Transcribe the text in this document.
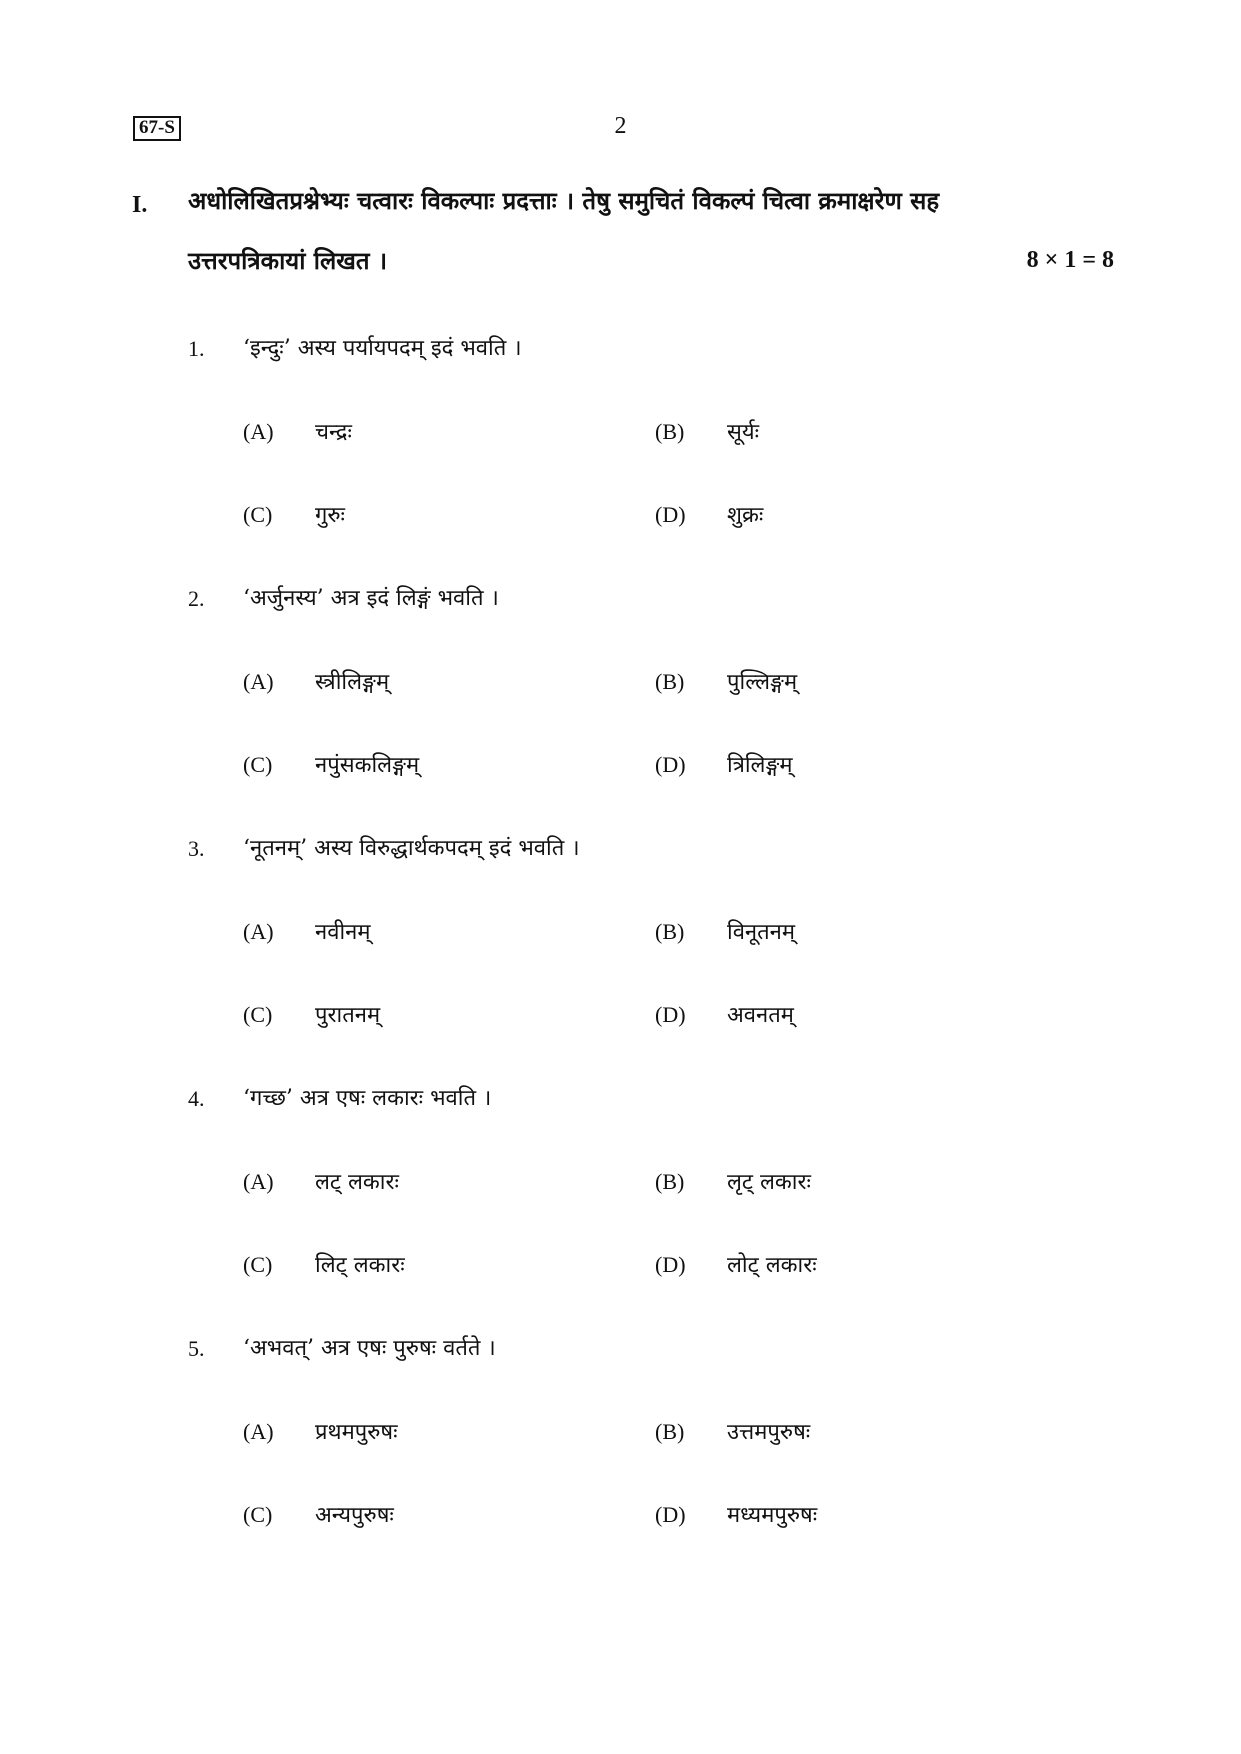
67-S	2
I. अधोलिखितप्रश्नेभ्यः चत्वारः विकल्पाः प्रदत्ताः । तेषु समुचितं विकल्पं चित्वा क्रमाक्षरेण सह
उत्तरपत्रिकायां लिखत ।	8 × 1 = 8
1. ‘इन्दुः’ अस्य पर्यायपदम् इदं भवति ।
(A) चन्द्रः	(B) सूर्यः
(C) गुरुः	(D) शुक्रः
2. ‘अर्जुनस्य’ अत्र इदं लिङ्गं भवति ।
(A) स्त्रीलिङ्गम्	(B) पुल्लिङ्गम्
(C) नपुंसकलिङ्गम्	(D) त्रिलिङ्गम्
3. ‘नूतनम्’ अस्य विरुद्धार्थकपदम् इदं भवति ।
(A) नवीनम्	(B) विनूतनम्
(C) पुरातनम्	(D) अवनतम्
4. ‘गच्छ’ अत्र एषः लकारः भवति ।
(A) लट् लकारः	(B) लृट् लकारः
(C) लिट् लकारः	(D) लोट् लकारः
5. ‘अभवत्’ अत्र एषः पुरुषः वर्तते ।
(A) प्रथमपुरुषः	(B) उत्तमपुरुषः
(C) अन्यपुरुषः	(D) मध्यमपुरुषः
